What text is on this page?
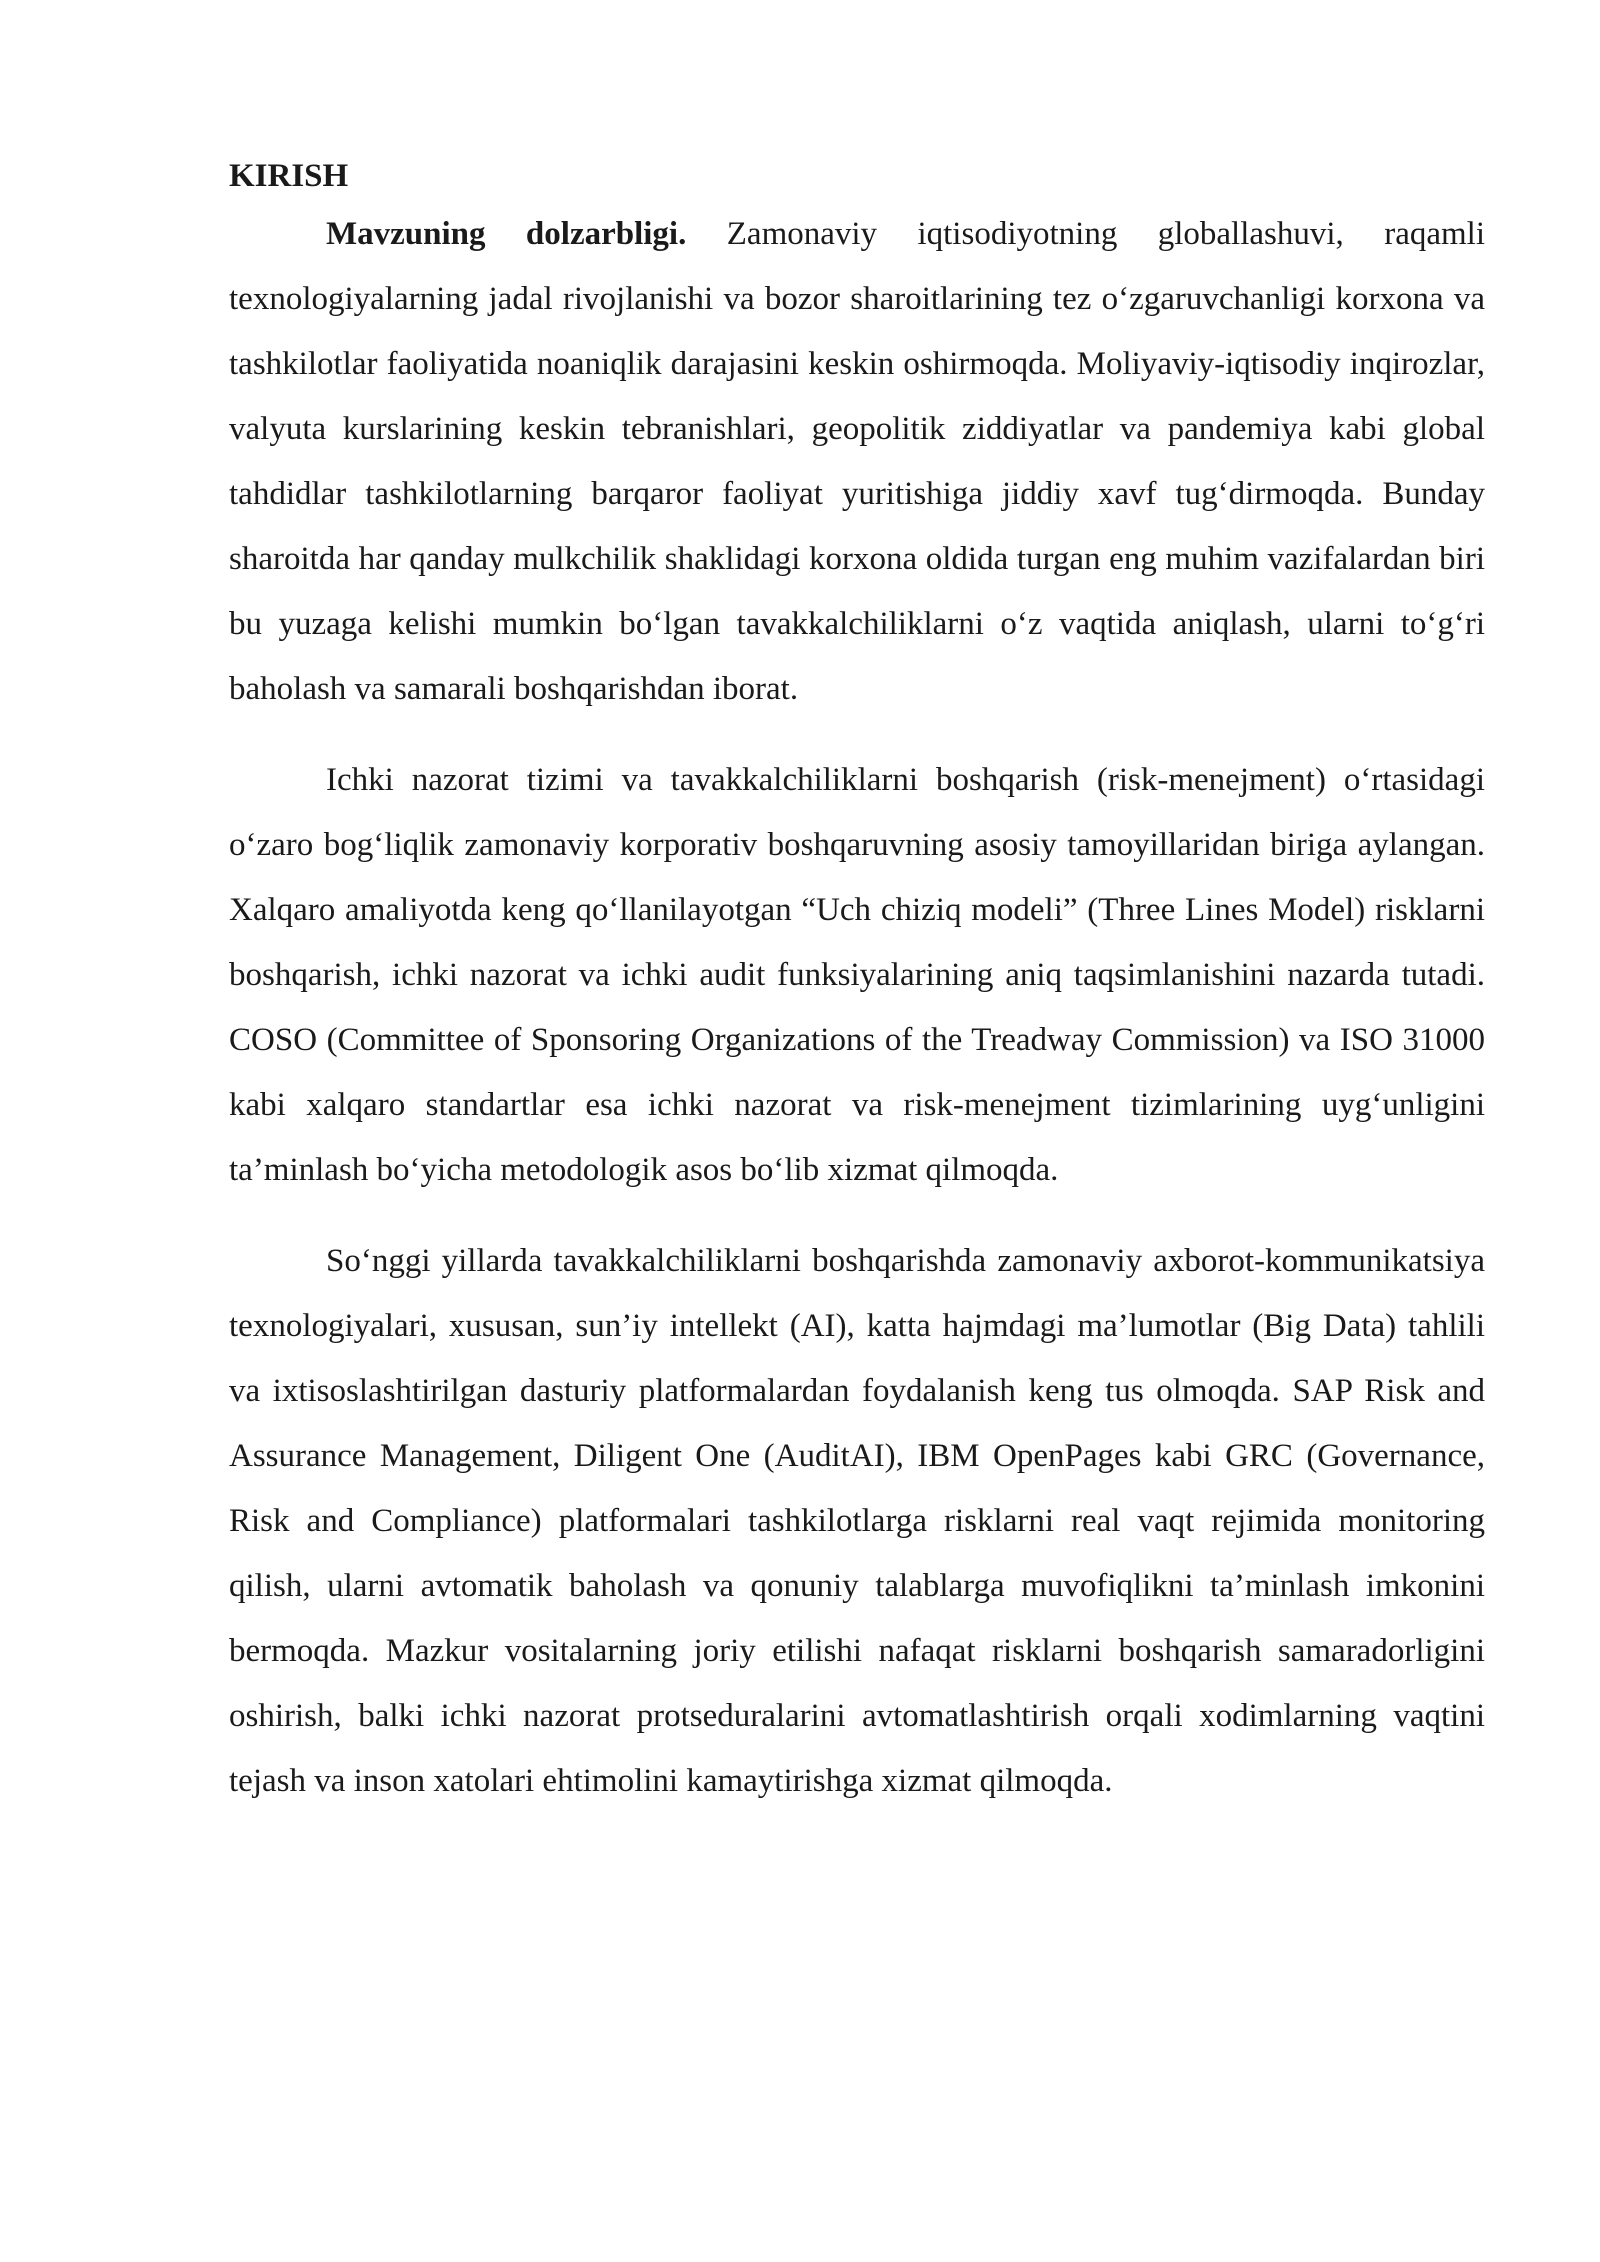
KIRISH

Mavzuning dolzarbligi. Zamonaviy iqtisodiyotning globallashuvi, raqamli texnologiyalarning jadal rivojlanishi va bozor sharoitlarining tez o‘zgaruvchanligi korxona va tashkilotlar faoliyatida noaniqlik darajasini keskin oshirmoqda. Moliyaviy-iqtisodiy inqirozlar, valyuta kurslarining keskin tebranishlari, geopolitik ziddiyatlar va pandemiya kabi global tahdidlar tashkilotlarning barqaror faoliyat yuritishiga jiddiy xavf tug‘dirmoqda. Bunday sharoitda har qanday mulkchilik shaklidagi korxona oldida turgan eng muhim vazifalardan biri bu yuzaga kelishi mumkin bo‘lgan tavakkalchiliklarni o‘z vaqtida aniqlash, ularni to‘g‘ri baholash va samarali boshqarishdan iborat.

Ichki nazorat tizimi va tavakkalchiliklarni boshqarish (risk-menejment) o‘rtasidagi o‘zaro bog‘liqlik zamonaviy korporativ boshqaruvning asosiy tamoyillaridan biriga aylangan. Xalqaro amaliyotda keng qo‘llanilayotgan “Uch chiziq modeli” (Three Lines Model) risklarni boshqarish, ichki nazorat va ichki audit funksiyalarining aniq taqsimlanishini nazarda tutadi. COSO (Committee of Sponsoring Organizations of the Treadway Commission) va ISO 31000 kabi xalqaro standartlar esa ichki nazorat va risk-menejment tizimlarining uyg‘unligini ta’minlash bo‘yicha metodologik asos bo‘lib xizmat qilmoqda.

So‘nggi yillarda tavakkalchiliklarni boshqarishda zamonaviy axborot-kommunikatsiya texnologiyalari, xususan, sun’iy intellekt (AI), katta hajmdagi ma’lumotlar (Big Data) tahlili va ixtisoslashtirilgan dasturiy platformalardan foydalanish keng tus olmoqda. SAP Risk and Assurance Management, Diligent One (AuditAI), IBM OpenPages kabi GRC (Governance, Risk and Compliance) platformalari tashkilotlarga risklarni real vaqt rejimida monitoring qilish, ularni avtomatik baholash va qonuniy talablarga muvofiqlikni ta’minlash imkonini bermoqda. Mazkur vositalarning joriy etilishi nafaqat risklarni boshqarish samaradorligini oshirish, balki ichki nazorat protseduralarini avtomatlashtirish orqali xodimlarning vaqtini tejash va inson xatolari ehtimolini kamaytirishga xizmat qilmoqda.
